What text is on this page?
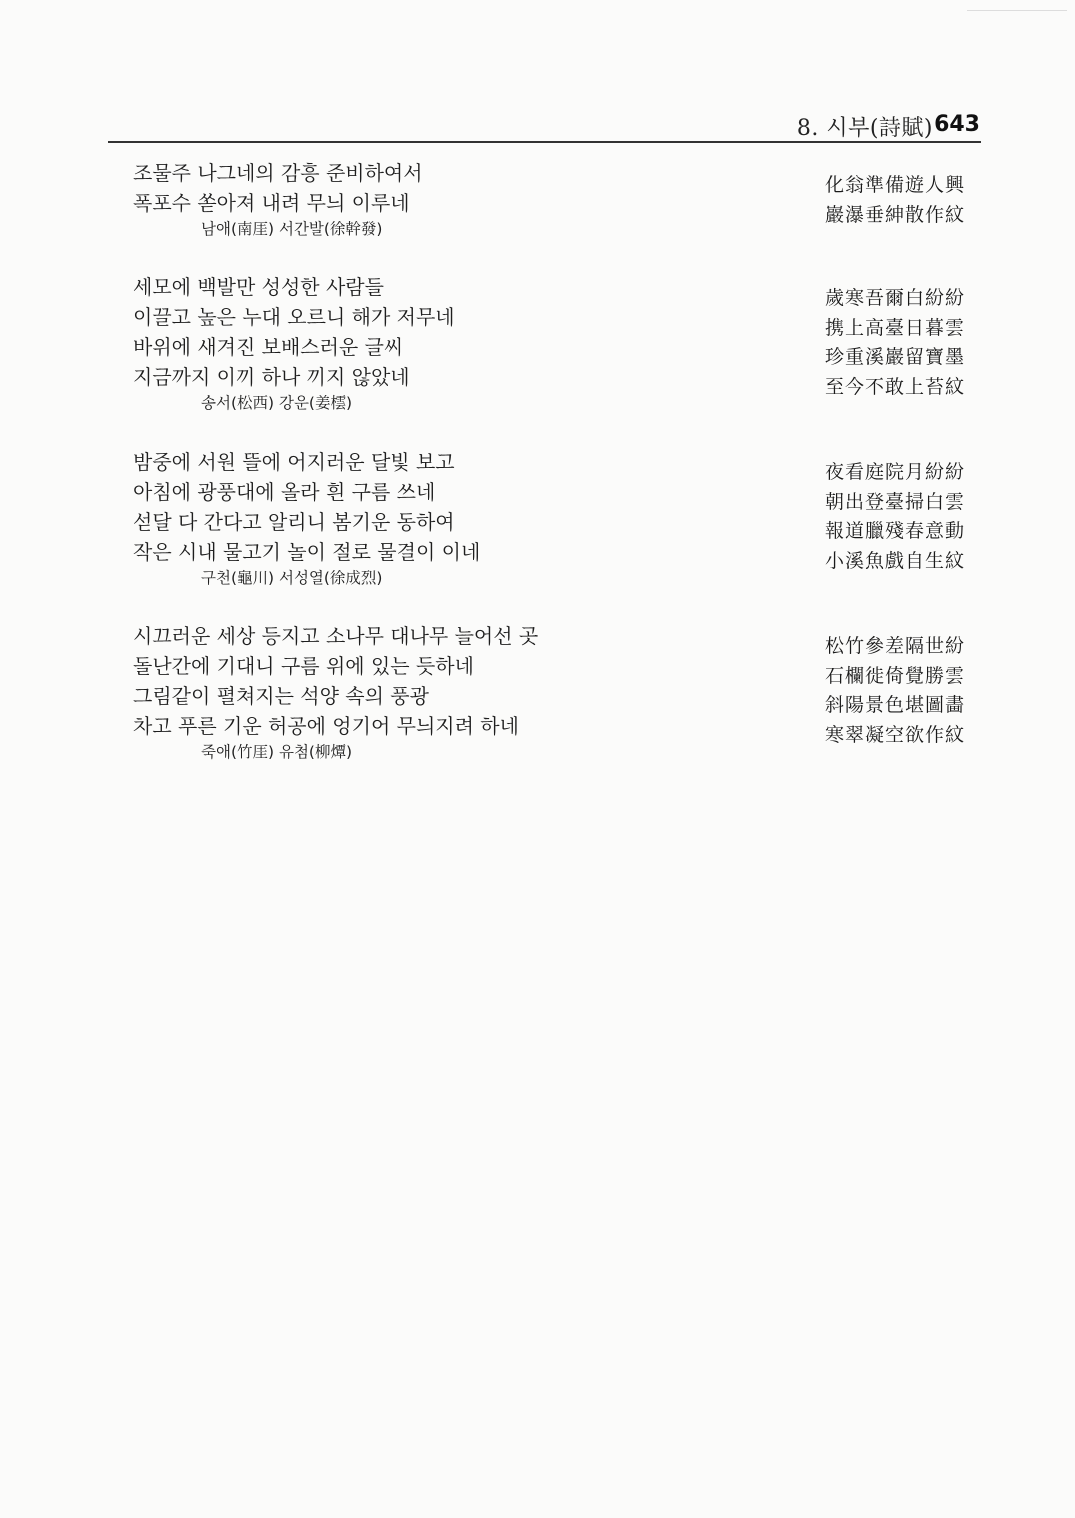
8. 시부(詩賦) 643
조물주 나그네의 감흥 준비하여서
폭포수 쏟아져 내려 무늬 이루네
남애(南厓) 서간발(徐幹發)
化翁準備遊人興
巖瀑垂紳散作紋
세모에 백발만 성성한 사람들
이끌고 높은 누대 오르니 해가 저무네
바위에 새겨진 보배스러운 글씨
지금까지 이끼 하나 끼지 않았네
송서(松西) 강운(姜橒)
歲寒吾爾白紛紛
携上高臺日暮雲
珍重溪巖留寶墨
至今不敢上苔紋
밤중에 서원 뜰에 어지러운 달빛 보고
아침에 광풍대에 올라 흰 구름 쓰네
섣달 다 간다고 알리니 봄기운 동하여
작은 시내 물고기 놀이 절로 물결이 이네
구천(龜川) 서성열(徐成烈)
夜看庭院月紛紛
朝出登臺掃白雲
報道臘殘春意動
小溪魚戲自生紋
시끄러운 세상 등지고 소나무 대나무 늘어선 곳
돌난간에 기대니 구름 위에 있는 듯하네
그림같이 펼쳐지는 석양 속의 풍광
차고 푸른 기운 허공에 엉기어 무늬지려 하네
죽애(竹厓) 유첨(柳燂)
松竹參差隔世紛
石欄徙倚覺勝雲
斜陽景色堪圖畵
寒翠凝空欲作紋
